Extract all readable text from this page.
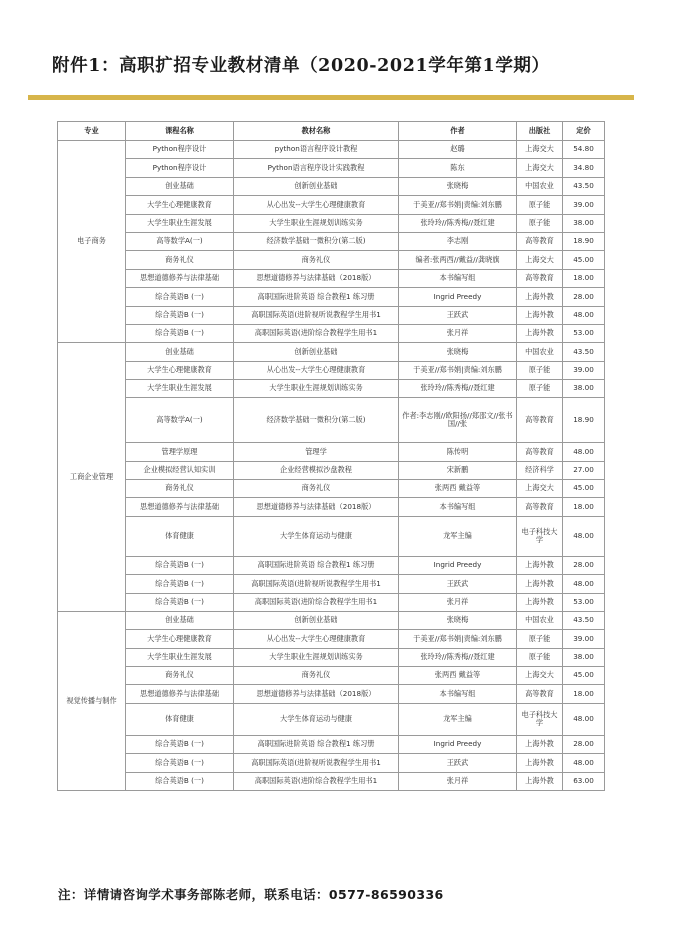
附件1：高职扩招专业教材清单（2020-2021学年第1学期）
专业	课程名称	教材名称	作者	出版社	定价
电子商务	Python程序设计	python语言程序设计教程	赵璐	上海交大	54.80
	Python程序设计	Python语言程序设计实践教程	陈东	上海交大	34.80
	创业基础	创新创业基础	张晓梅	中国农业	43.50
	大学生心理健康教育	从心出发--大学生心理健康教育	于美亚//郑书娟|责编:刘东鹏	原子能	39.00
	大学生职业生涯发展	大学生职业生涯规划训练实务	张玲玲//陈秀梅//聂红建	原子能	38.00
	高等数学A(一)	经济数学基础一微积分(第二版)	李志刚	高等教育	18.90
	商务礼仪	商务礼仪	编者:张两西//戴益//龚晓旗	上海交大	45.00
	思想道德修养与法律基础	思想道德修养与法律基础（2018版）	本书编写组	高等教育	18.00
	综合英语B (一)	高职国际进阶英语 综合教程1 练习册	Ingrid Preedy	上海外教	28.00
	综合英语B (一)	高职国际英语(进阶视听说教程学生用书1	王跃武	上海外教	48.00
	综合英语B (一)	高职国际英语(进阶综合教程学生用书1	张月祥	上海外教	53.00
工商企业管理	创业基础	创新创业基础	张晓梅	中国农业	43.50
	大学生心理健康教育	从心出发--大学生心理健康教育	于美亚//郑书娟|责编:刘东鹏	原子能	39.00
	大学生职业生涯发展	大学生职业生涯规划训练实务	张玲玲//陈秀梅//聂红建	原子能	38.00
	高等数学A(一)	经济数学基础一微积分(第二版)	作者:李志刚//欧阳扬//郑邵文//张书国//张	高等教育	18.90
	管理学原理	管理学	陈传明	高等教育	48.00
	企业模拟经营认知实训	企业经营模拟沙盘教程	宋新鹏	经济科学	27.00
	商务礼仪	商务礼仪	张两西 戴益等	上海交大	45.00
	思想道德修养与法律基础	思想道德修养与法律基础（2018版）	本书编写组	高等教育	18.00
	体育健康	大学生体育运动与健康	龙军主编	电子科技大学	48.00
	综合英语B (一)	高职国际进阶英语 综合教程1 练习册	Ingrid Preedy	上海外教	28.00
	综合英语B (一)	高职国际英语(进阶视听说教程学生用书1	王跃武	上海外教	48.00
	综合英语B (一)	高职国际英语(进阶综合教程学生用书1	张月祥	上海外教	53.00
视觉传播与制作	创业基础	创新创业基础	张晓梅	中国农业	43.50
	大学生心理健康教育	从心出发--大学生心理健康教育	于美亚//郑书娟|责编:刘东鹏	原子能	39.00
	大学生职业生涯发展	大学生职业生涯规划训练实务	张玲玲//陈秀梅//聂红建	原子能	38.00
	商务礼仪	商务礼仪	张两西 戴益等	上海交大	45.00
	思想道德修养与法律基础	思想道德修养与法律基础（2018版）	本书编写组	高等教育	18.00
	体育健康	大学生体育运动与健康	龙军主编	电子科技大学	48.00
	综合英语B (一)	高职国际进阶英语 综合教程1 练习册	Ingrid Preedy	上海外教	28.00
	综合英语B (一)	高职国际英语(进阶视听说教程学生用书1	王跃武	上海外教	48.00
	综合英语B (一)	高职国际英语(进阶综合教程学生用书1	张月祥	上海外教	63.00

注：详情请咨询学术事务部陈老师，联系电话：0577-86590336
